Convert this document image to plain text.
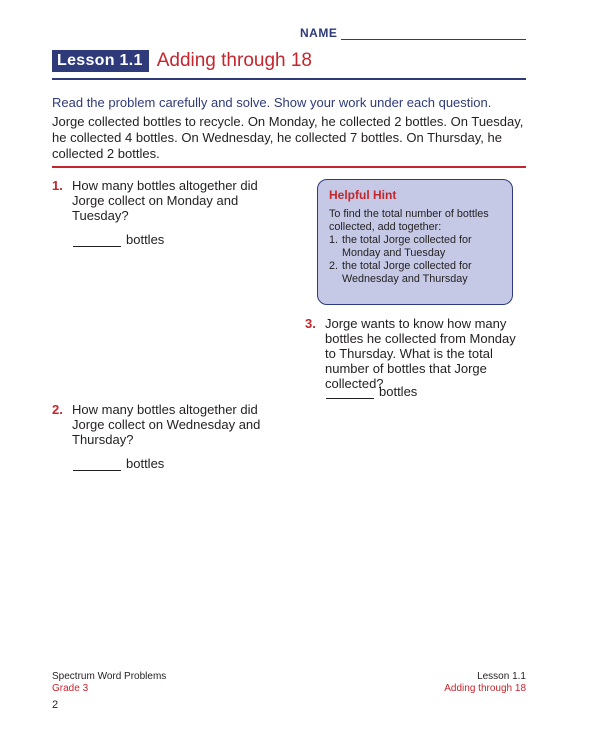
NAME
Lesson 1.1 Adding through 18
Read the problem carefully and solve. Show your work under each question.
Jorge collected bottles to recycle. On Monday, he collected 2 bottles. On Tuesday, he collected 4 bottles. On Wednesday, he collected 7 bottles. On Thursday, he collected 2 bottles.
1. How many bottles altogether did Jorge collect on Monday and Tuesday?
bottles
2. How many bottles altogether did Jorge collect on Wednesday and Thursday?
bottles
Helpful Hint
To find the total number of bottles collected, add together:
1. the total Jorge collected for Monday and Tuesday
2. the total Jorge collected for Wednesday and Thursday
3. Jorge wants to know how many bottles he collected from Monday to Thursday. What is the total number of bottles that Jorge collected?
bottles
Spectrum Word Problems
Grade 3
2
Lesson 1.1
Adding through 18
